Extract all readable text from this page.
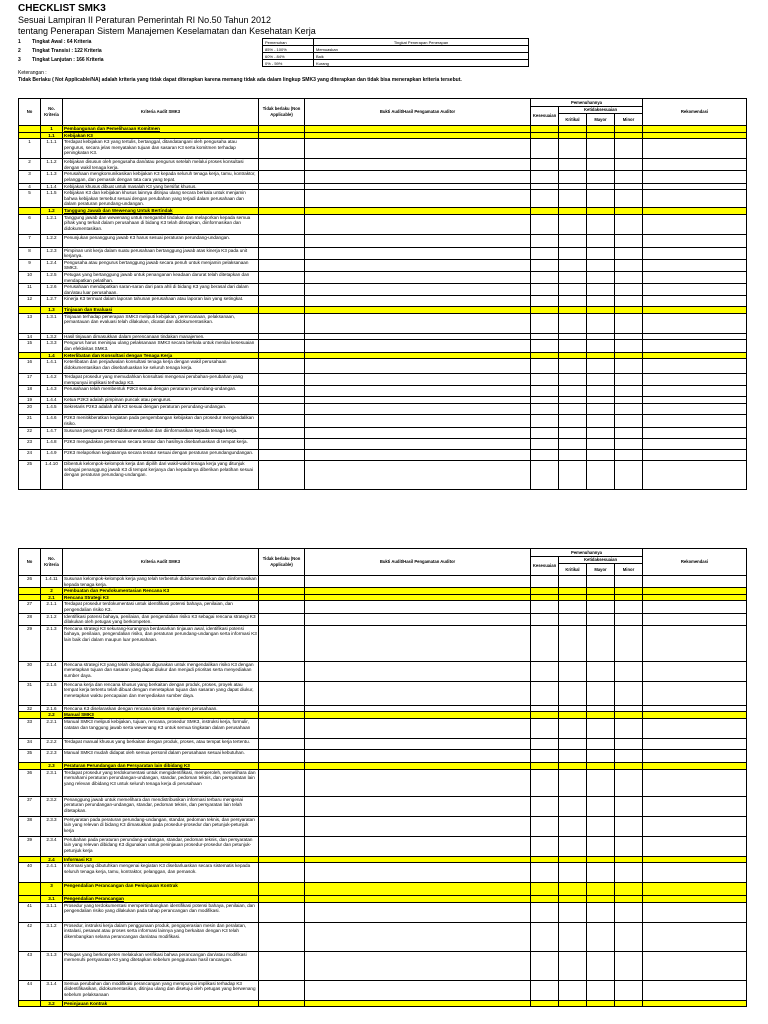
CHECKLIST SMK3
Sesuai Lampiran II Peraturan Pemerintah RI No.50 Tahun 2012
tentang Penerapan Sistem Manajemen Keselamatan dan Kesehatan Kerja
1 Tingkat Awal : 64 Kriteria
2 Tingkat Transisi : 122 Kriteria
3 Tingkat Lanjutan : 166 Kriteria
Pemenuhan	Tingkat Penerapan Penerapan
85% - 100%	Memuaskan
60% - 84%	Baik
0% - 59%	Kurang
Keterangan :
Tidak Berlaku ( Not Applicable/NA) adalah kriteria yang tidak dapat diterapkan karena memang tidak ada dalam lingkup SMK3 yang diterapkan dan tidak bisa menerapkan kriteria tersebut.
No	No. Kriteria	Kriteria Audit SMK3	Tidak berlaku (Non Applicable)	Bukti Audit/Hasil Pengamatan Auditor	Pemenuhannya				Rekomendasi
					Kesesuaian	Ketidaksesuaian			
						Kritikal	Mayor	Minor	
	1	Pembangunan dan Pemeliharaan Komitmen							
	1.1	Kebijakan K3							
1	1.1.1	Terdapat kebijakan K3 yang tertulis, bertanggal, ditandatangani oleh pengusaha atau pengurus, secara jelas menyatakan tujuan dan sasaran K3 serta komitmen terhadap peningkatan K3.							
2	1.1.2	Kebijakan disusun oleh pengusaha dan/atau pengurus setelah melalui proses konsultasi dengan wakil tenaga kerja.							
3	1.1.3	Perusahaan mengkomunikasikan kebijakan K3 kepada seluruh tenaga kerja, tamu, kontraktor, pelanggan, dan pemasok dengan tata cara yang tepat.							
4	1.1.4	Kebijakan khusus dibuat untuk masalah K3 yang bersifat khusus.							
5	1.1.5	Kebijakan K3 dan kebijakan khusus lainnya ditinjau ulang secara berkala untuk menjamin bahwa kebijakan tersebut sesuai dengan perubahan yang terjadi dalam perusahaan dan dalam peraturan perundang-undangan.							
	1.2	Tanggung Jawab dan Wewenang Untuk Bertindak							
6	1.2.1	Tanggung jawab dan wewenang untuk mengambil tindakan dan melaporkan kepada semua pihak yang terkait dalam perusahaan di bidang K3 telah ditetapkan, diinformasikan dan didokumentasikan.							
7	1.2.2	Penunjukan penanggung jawab K3 harus sesuai peraturan perundang-undangan.							
8	1.2.3	Pimpinan unit kerja dalam suatu perusahaan bertanggung jawab atas kinerja K3 pada unit kerjanya.							
9	1.2.4	Pengusaha atau pengurus bertanggung jawab secara penuh untuk menjamin pelaksanaan SMK3.							
10	1.2.5	Petugas yang bertanggung jawab untuk penanganan keadaan darurat telah ditetapkan dan mendapatkan pelatihan.							
11	1.2.6	Perusahaan mendapatkan saran-saran dari para ahli di bidang K3 yang berasal dari dalam dan/atau luar perusahaan.							
12	1.2.7	Kinerja K3 termuat dalam laporan tahunan perusahaan atau laporan lain yang setingkat.							
	1.3	Tinjauan dan Evaluasi							
13	1.3.1	Tinjauan terhadap penerapan SMK3 meliputi kebijakan, perencanaan, pelaksanaan, pemantauan dan evaluasi telah dilakukan, dicatat dan didokumentasikan.							
14	1.3.2	Hasil tinjauan dimasukkan dalam perencanaan tindakan manajemen.							
15	1.3.3	Pengurus harus meninjau ulang pelaksanaan SMK3 secara berkala untuk menilai kesesuaian dan efektivitas SMK3.							
	1.4	Keterlibatan dan Konsultasi dengan Tenaga Kerja							
16	1.4.1	Keterlibatan dan penjadwalan konsultasi tenaga kerja dengan wakil perusahaan didokumentasikan dan disebarluaskan ke seluruh tenaga kerja.							
17	1.4.2	Terdapat prosedur yang memudahkan konsultasi mengenai perubahan-perubahan yang mempunyai implikasi terhadap K3.							
18	1.4.3	Perusahaan telah membentuk P2K3 sesuai dengan peraturan perundang-undangan.							
19	1.4.4	Ketua P2K3 adalah pimpinan puncak atau pengurus.							
20	1.4.5	Sekretaris P2K3 adalah ahli K3 sesuai dengan peraturan perundang-undangan.							
21	1.4.6	P2K3 menitikberatkan kegiatan pada pengembangan kebijakan dan prosedur mengendalikan risiko.							
22	1.4.7	Susunan pengurus P2K3 didokumentasikan dan diinformasikan kepada tenaga kerja.							
23	1.4.8	P2K3 mengadakan pertemuan secara teratur dan hasilnya disebarluaskan di tempat kerja.							
24	1.4.9	P2K3 melaporkan kegiatannya secara teratur sesuai dengan peraturan perundangundangan.							
25	1.4.10	Dibentuk kelompok-kelompok kerja dan dipilih dari wakil-wakil tenaga kerja yang ditunjuk sebagai penanggung jawab K3 di tempat kerjanya dan kepadanya diberikan pelatihan sesuai dengan peraturan perundang-undangan.							
No	No. Kriteria	Kriteria Audit SMK3	Tidak berlaku (Non Applicable)	Bukti Audit/Hasil Pengamatan Auditor	Pemenuhannya				Rekomendasi
					Kesesuaian	Ketidaksesuaian			
						Kritikal	Mayor	Minor	
26	1.4.11	Susunan kelompok-kelompok kerja yang telah terbentuk didokumentasikan dan diinformasikan kepada tenaga kerja.							
	2	Pembuatan dan Pendokumentasian Rencana K3							
	2.1	Rencana Strategi K3							
27	2.1.1	Terdapat prosedur terdokumentasi untuk identifikasi potensi bahaya, penilaian, dan pengendalian risiko K3.							
28	2.1.2	Identifikasi potensi bahaya, penilaian, dan pengendalian risiko K3 sebagai rencana strategi K3 dilakukan oleh petugas yang berkompeten.							
29	2.1.3	Rencana strategi K3 sekurang-kurangnya berdasarkan tinjauan awal, identifikasi potensi bahaya, penilaian, pengendalian risiko, dan peraturan perundang-undangan serta informasi K3 lain baik dari dalam maupun luar perusahaan.							
30	2.1.4	Rencana strategi K3 yang telah ditetapkan digunakan untuk mengendalikan risiko K3 dengan menetapkan tujuan dan sasaran yang dapat diukur dan menjadi prioritas serta menyediakan sumber daya.							
31	2.1.5	Rencana kerja dan rencana khusus yang berkaitan dengan produk, proses, proyek atau tempat kerja tertentu telah dibuat dengan menetapkan tujuan dan sasaran yang dapat diukur, menetapkan waktu pencapaian dan menyediakan sumber daya.							
32	2.1.6	Rencana K3 diselaraskan dengan rencana sistem manajemen perusahaan.							
	2.2	Manual SMK3							
33	2.2.1	Manual SMK3 meliputi kebijakan, tujuan, rencana, prosedur SMK3, instruksi kerja, formulir, catatan dan tanggung jawab serta wewenang K3 untuk semua tingkatan dalam perusahaan							
34	2.2.2	Terdapat manual khusus yang berkaitan dengan produk, proses, atau tempat kerja tertentu.							
35	2.2.3	Manual SMK3 mudah didapat oleh semua personil dalam perusahaan sesuai kebutuhan.							
	2.3	Peraturan Perundangan dan Persyaratan lain dibidang K3							
36	2.3.1	Terdapat prosedur yang terdokumentasi untuk mengidentifikasi, memperoleh, memelihara dan memahami peraturan perundangan-undangan, standar, pedoman teknis, dan persyaratan lain yang relevan dibidang K3 untuk seluruh tenaga kerja di perusahaan							
37	2.3.2	Penanggung jawab untuk memelihara dan mendistribusikan informasi terbaru mengenai peraturan perundangan-undangan, standar, pedoman teknis, dan persyaratan lain telah ditetapkan.							
38	2.3.3	Persyaratan pada peraturan perundang-undangan, standar, pedoman teknis, dan persyaratan lain yang relevan di bidang K3 dimasukkan pada prosedur-prosedur dan petunjuk-petunjuk kerja							
39	2.3.4	Perubahan pada peraturan perundang-undangan, standar, pedoman teknis, dan persyaratan lain yang relevan dibidang K3 digunakan untuk peninjauan prosedur-prosedur dan petunjuk-petunjuk kerja							
	2.4	Informasi K3							
40	2.4.1	Informasi yang dibutuhkan mengenai kegiatan K3 disebarluaskan secara sistematis kepada seluruh tenaga kerja, tamu, kontraktor, pelanggan, dan pemasok.							
	3	Pengendalian Perancangan dan Peninjauan Kontrak							
	3.1	Pengendalian Perancangan							
41	3.1.1	Prosedur yang terdokumentasi mempertimbangkan identifikasi potensi bahaya, penilaian, dan pengendalian risiko yang dilakukan pada tahap perancangan dan modifikasi.							
42	3.1.2	Prosedur, instruksi kerja dalam penggunaan produk, pengoperasian mesin dan peralatan, instalasi, pesawat atau proses serta informasi lainnya yang berkaitan dengan K3 telah dikembangkan selama perancangan dan/atau modifikasi.							
43	3.1.3	Petugas yang berkompeten melakukan verifikasi bahwa perancangan dan/atau modifikasi memenuhi persyaratan K3 yang ditetapkan sebelum penggunaan hasil rancangan.							
44	3.1.4	Semua perubahan dan modifikasi perancangan yang mempunyai implikasi terhadap K3 diidentifikasikan, didokumentasikan, ditinjau ulang dan disetujui oleh petugas yang berwenang sebelum pelaksanaan							
	3.2	Peninjauan Kontrak							
